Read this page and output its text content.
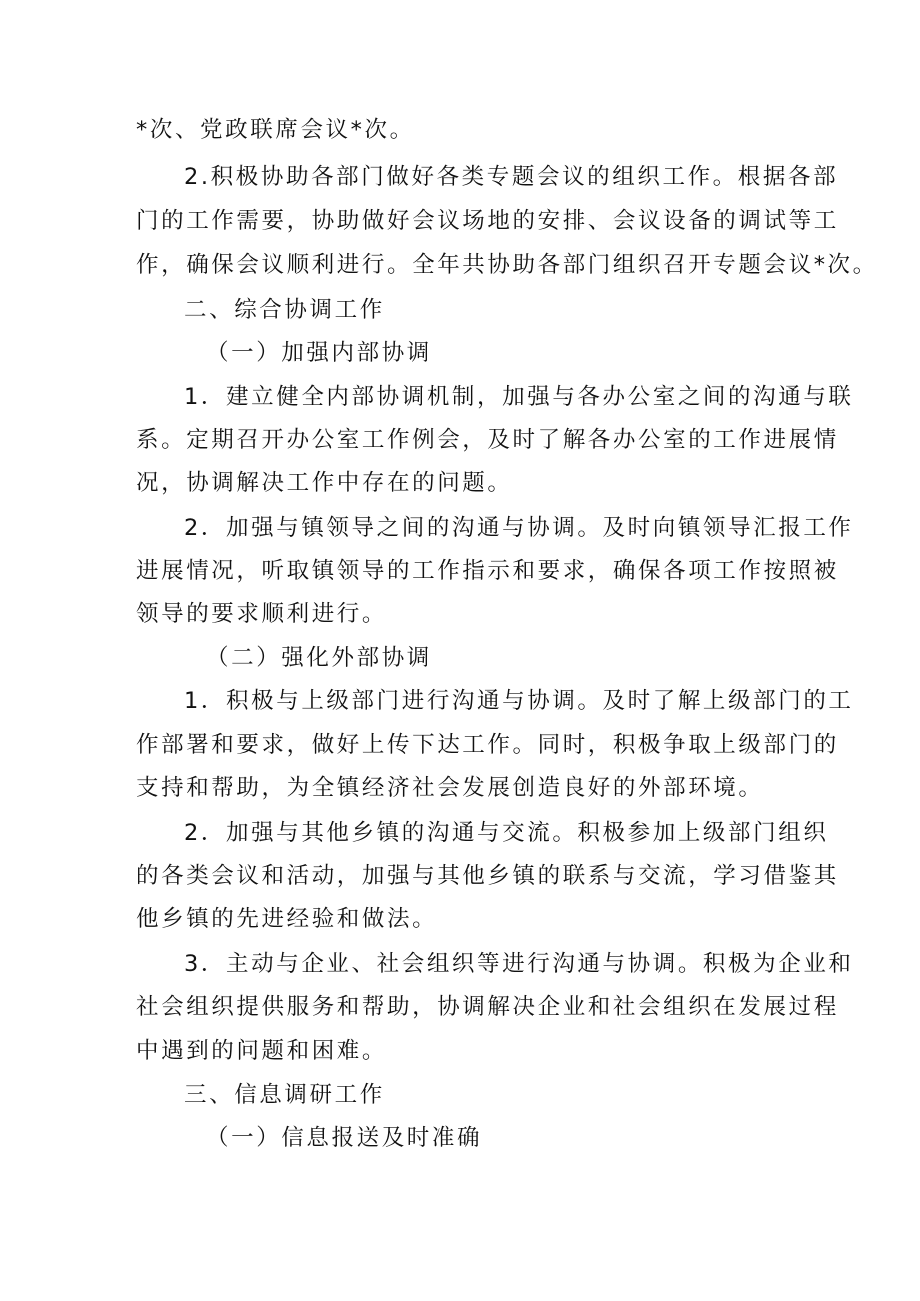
*次、党政联席会议*次。

2.积极协助各部门做好各类专题会议的组织工作。根据各部

门的工作需要，协助做好会议场地的安排、会议设备的调试等工

作，确保会议顺利进行。全年共协助各部门组织召开专题会议*次。

二、综合协调工作

（一）加强内部协调

1．建立健全内部协调机制，加强与各办公室之间的沟通与联

系。定期召开办公室工作例会，及时了解各办公室的工作进展情

况，协调解决工作中存在的问题。

2．加强与镇领导之间的沟通与协调。及时向镇领导汇报工作

进展情况，听取镇领导的工作指示和要求，确保各项工作按照被

领导的要求顺利进行。

（二）强化外部协调

1．积极与上级部门进行沟通与协调。及时了解上级部门的工

作部署和要求，做好上传下达工作。同时，积极争取上级部门的

支持和帮助，为全镇经济社会发展创造良好的外部环境。

2．加强与其他乡镇的沟通与交流。积极参加上级部门组织

的各类会议和活动，加强与其他乡镇的联系与交流，学习借鉴其

他乡镇的先进经验和做法。

3．主动与企业、社会组织等进行沟通与协调。积极为企业和

社会组织提供服务和帮助，协调解决企业和社会组织在发展过程

中遇到的问题和困难。

三、信息调研工作

（一）信息报送及时准确
